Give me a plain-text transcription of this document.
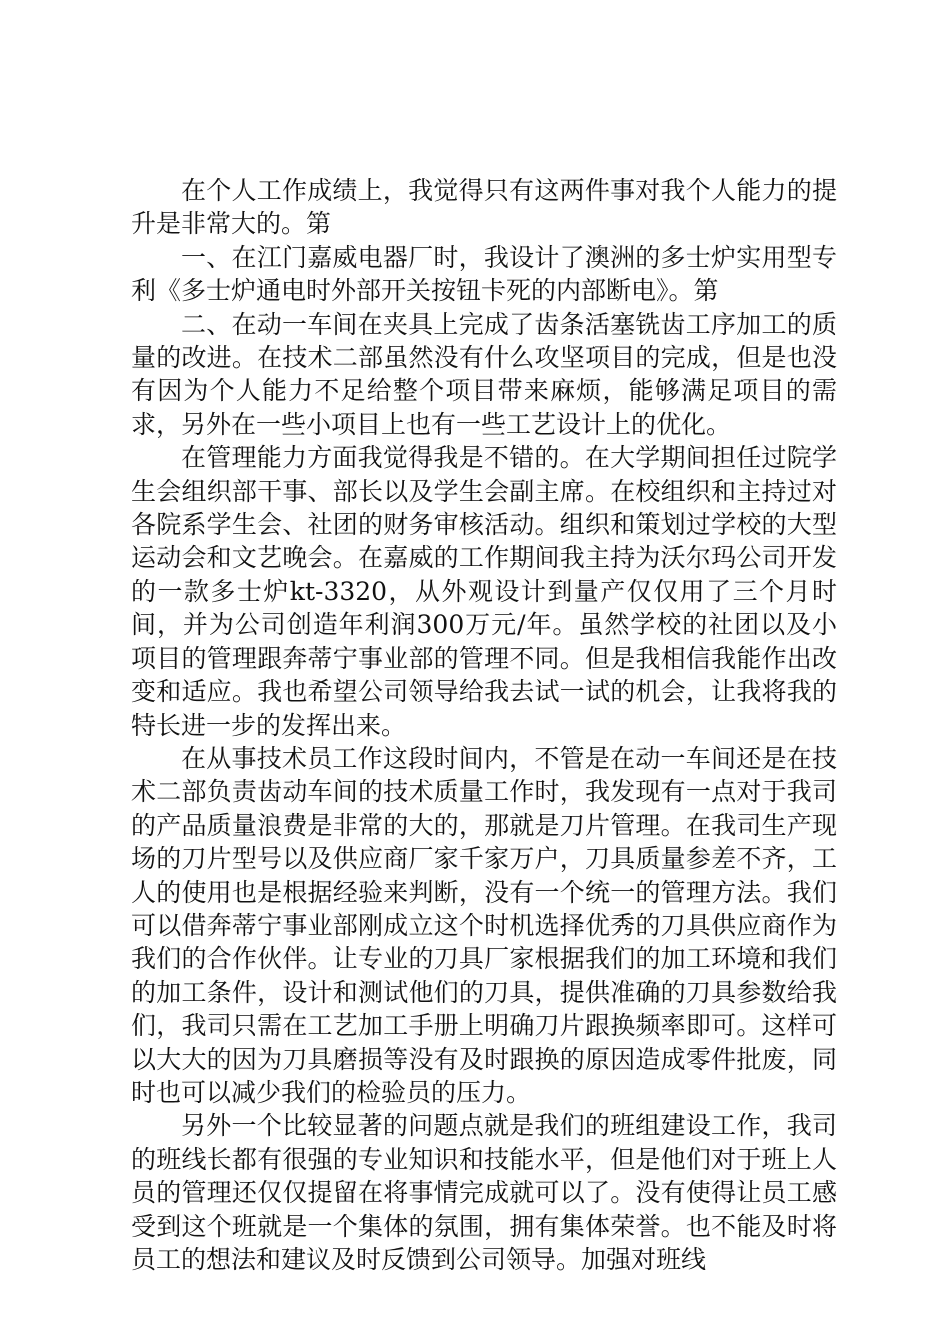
在个人工作成绩上，我觉得只有这两件事对我个人能力的提升是非常大的。第

一、在江门嘉威电器厂时，我设计了澳洲的多士炉实用型专利《多士炉通电时外部开关按钮卡死的内部断电》。第

二、在动一车间在夹具上完成了齿条活塞铣齿工序加工的质量的改进。在技术二部虽然没有什么攻坚项目的完成，但是也没有因为个人能力不足给整个项目带来麻烦，能够满足项目的需求，另外在一些小项目上也有一些工艺设计上的优化。

在管理能力方面我觉得我是不错的。在大学期间担任过院学生会组织部干事、部长以及学生会副主席。在校组织和主持过对各院系学生会、社团的财务审核活动。组织和策划过学校的大型运动会和文艺晚会。在嘉威的工作期间我主持为沃尔玛公司开发的一款多士炉kt-3320，从外观设计到量产仅仅用了三个月时间，并为公司创造年利润300万元/年。虽然学校的社团以及小项目的管理跟奔蒂宁事业部的管理不同。但是我相信我能作出改变和适应。我也希望公司领导给我去试一试的机会，让我将我的特长进一步的发挥出来。

在从事技术员工作这段时间内，不管是在动一车间还是在技术二部负责齿动车间的技术质量工作时，我发现有一点对于我司的产品质量浪费是非常的大的，那就是刀片管理。在我司生产现场的刀片型号以及供应商厂家千家万户，刀具质量参差不齐，工人的使用也是根据经验来判断，没有一个统一的管理方法。我们可以借奔蒂宁事业部刚成立这个时机选择优秀的刀具供应商作为我们的合作伙伴。让专业的刀具厂家根据我们的加工环境和我们的加工条件，设计和测试他们的刀具，提供准确的刀具参数给我们，我司只需在工艺加工手册上明确刀片跟换频率即可。这样可以大大的因为刀具磨损等没有及时跟换的原因造成零件批废，同时也可以减少我们的检验员的压力。

另外一个比较显著的问题点就是我们的班组建设工作，我司的班线长都有很强的专业知识和技能水平，但是他们对于班上人员的管理还仅仅提留在将事情完成就可以了。没有使得让员工感受到这个班就是一个集体的氛围，拥有集体荣誉。也不能及时将员工的想法和建议及时反馈到公司领导。加强对班线
